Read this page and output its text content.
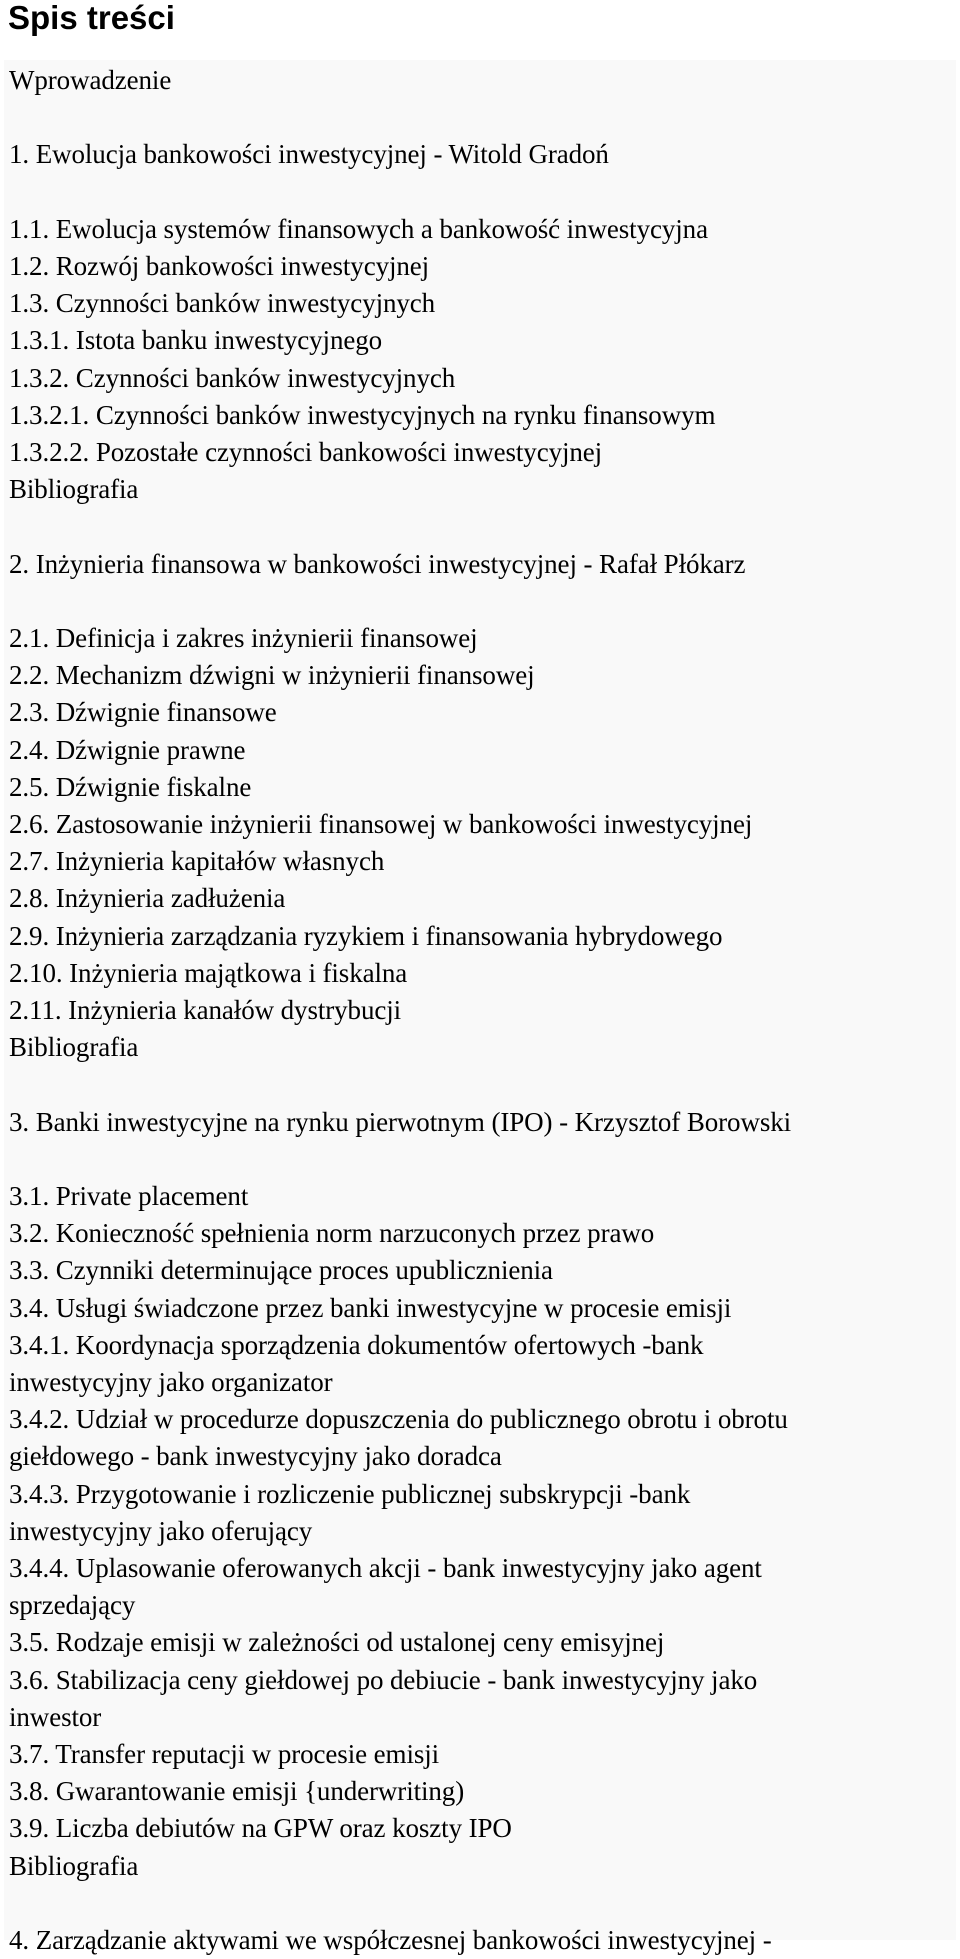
Spis treści
Wprowadzenie
1. Ewolucja bankowości inwestycyjnej - Witold Gradoń
1.1. Ewolucja systemów finansowych a bankowość inwestycyjna
1.2. Rozwój bankowości inwestycyjnej
1.3. Czynności banków inwestycyjnych
1.3.1. Istota banku inwestycyjnego
1.3.2. Czynności banków inwestycyjnych
1.3.2.1. Czynności banków inwestycyjnych na rynku finansowym
1.3.2.2. Pozostałe czynności bankowości inwestycyjnej
Bibliografia
2. Inżynieria finansowa w bankowości inwestycyjnej - Rafał Płókarz
2.1. Definicja i zakres inżynierii finansowej
2.2. Mechanizm dźwigni w inżynierii finansowej
2.3. Dźwignie finansowe
2.4. Dźwignie prawne
2.5. Dźwignie fiskalne
2.6. Zastosowanie inżynierii finansowej w bankowości inwestycyjnej
2.7. Inżynieria kapitałów własnych
2.8. Inżynieria zadłużenia
2.9. Inżynieria zarządzania ryzykiem i finansowania hybrydowego
2.10. Inżynieria majątkowa i fiskalna
2.11. Inżynieria kanałów dystrybucji
Bibliografia
3. Banki inwestycyjne na rynku pierwotnym (IPO) - Krzysztof Borowski
3.1. Private placement
3.2. Konieczność spełnienia norm narzuconych przez prawo
3.3. Czynniki determinujące proces upublicznienia
3.4. Usługi świadczone przez banki inwestycyjne w procesie emisji
3.4.1. Koordynacja sporządzenia dokumentów ofertowych -bank
inwestycyjny jako organizator
3.4.2. Udział w procedurze dopuszczenia do publicznego obrotu i obrotu
giełdowego - bank inwestycyjny jako doradca
3.4.3. Przygotowanie i rozliczenie publicznej subskrypcji -bank
inwestycyjny jako oferujący
3.4.4. Uplasowanie oferowanych akcji - bank inwestycyjny jako agent
sprzedający
3.5. Rodzaje emisji w zależności od ustalonej ceny emisyjnej
3.6. Stabilizacja ceny giełdowej po debiucie - bank inwestycyjny jako
inwestor
3.7. Transfer reputacji w procesie emisji
3.8. Gwarantowanie emisji {underwriting)
3.9. Liczba debiutów na GPW oraz koszty IPO
Bibliografia
4. Zarządzanie aktywami we współczesnej bankowości inwestycyjnej -
